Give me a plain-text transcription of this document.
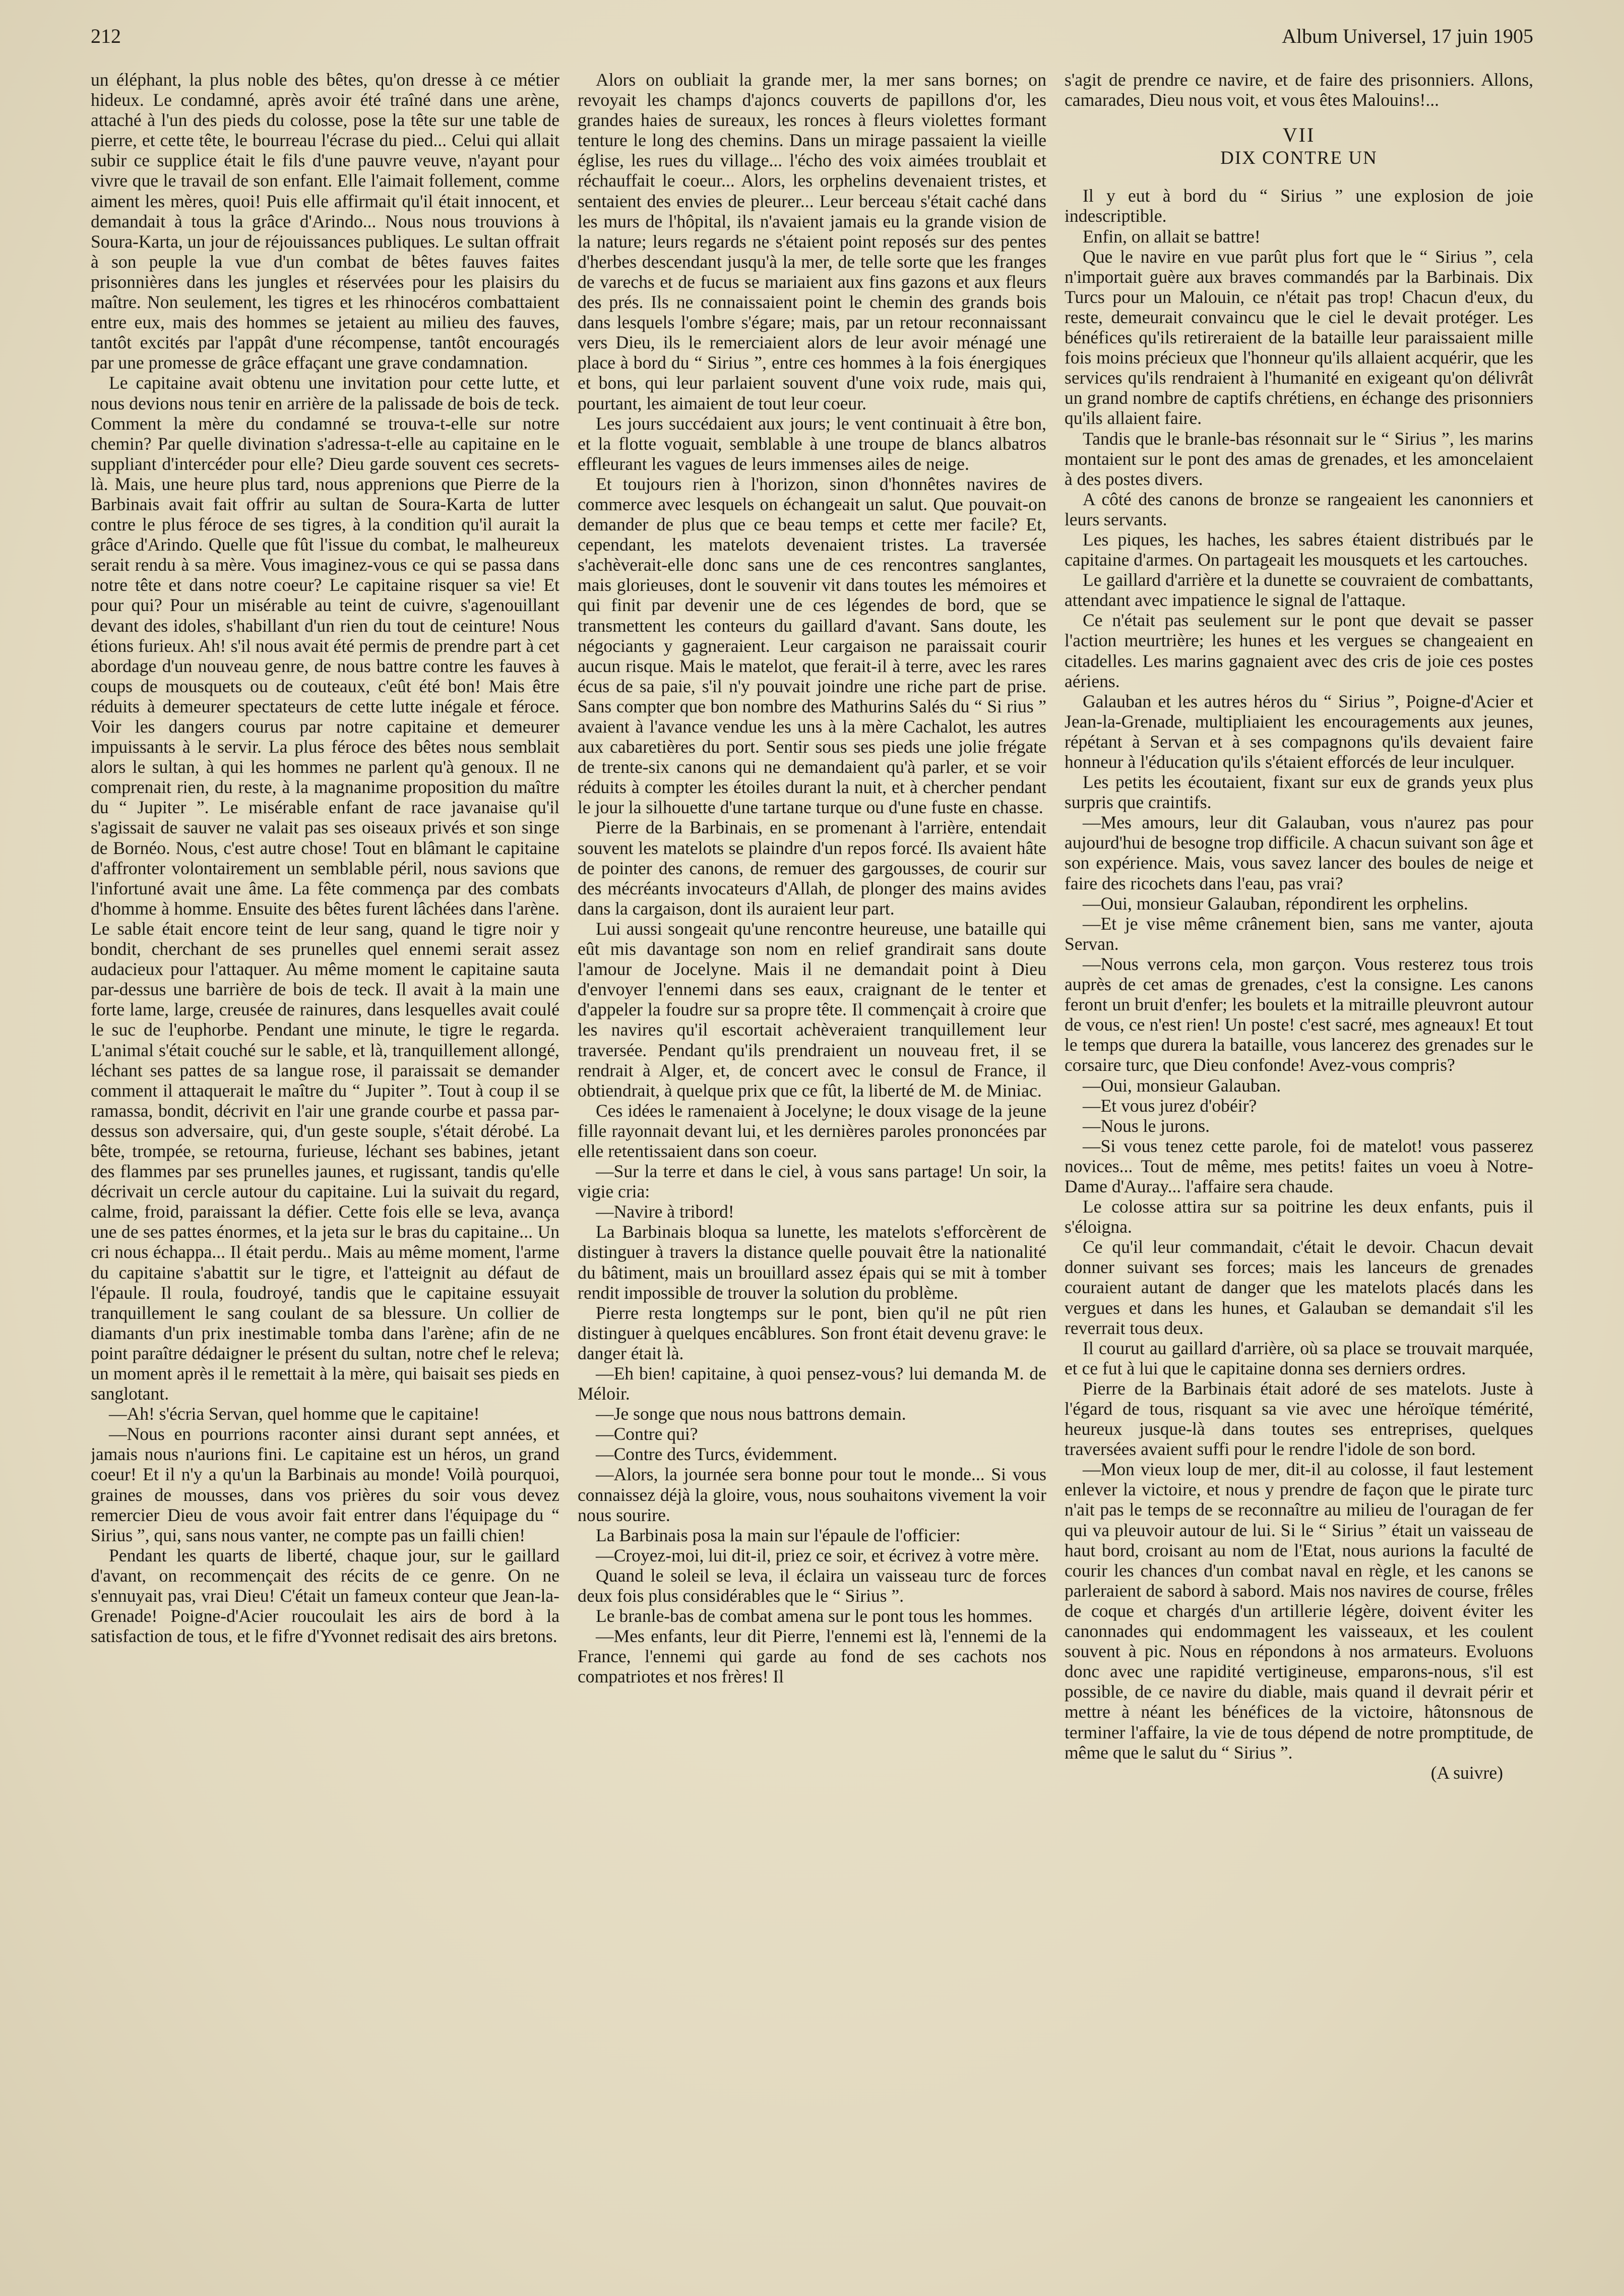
212	Album Universel, 17 juin 1905

un éléphant, la plus noble des bêtes, qu'on dresse à ce métier hideux. Le condamné, après avoir été traîné dans une arène, attaché à l'un des pieds du colosse, pose la tête sur une table de pierre, et cette tête, le bourreau l'écrase du pied... Celui qui allait subir ce supplice était le fils d'une pauvre veuve, n'ayant pour vivre que le travail de son enfant. Elle l'aimait follement, comme aiment les mères, quoi! Puis elle affirmait qu'il était innocent, et demandait à tous la grâce d'Arindo... Nous nous trouvions à Soura-Karta, un jour de réjouissances publiques. Le sultan offrait à son peuple la vue d'un combat de bêtes fauves faites prisonnières dans les jungles et réservées pour les plaisirs du maître. Non seulement, les tigres et les rhinocéros combattaient entre eux, mais des hommes se jetaient au milieu des fauves, tantôt excités par l'appât d'une récompense, tantôt encouragés par une promesse de grâce effaçant une grave condamnation.

Le capitaine avait obtenu une invitation pour cette lutte, et nous devions nous tenir en arrière de la palissade de bois de teck. Comment la mère du condamné se trouva-t-elle sur notre chemin? Par quelle divination s'adressa-t-elle au capitaine en le suppliant d'intercéder pour elle? Dieu garde souvent ces secrets-là. Mais, une heure plus tard, nous apprenions que Pierre de la Barbinais avait fait offrir au sultan de Soura-Karta de lutter contre le plus féroce de ses tigres, à la condition qu'il aurait la grâce d'Arindo. Quelle que fût l'issue du combat, le malheureux serait rendu à sa mère. Vous imaginez-vous ce qui se passa dans notre tête et dans notre coeur? Le capitaine risquer sa vie! Et pour qui? Pour un misérable au teint de cuivre, s'agenouillant devant des idoles, s'habillant d'un rien du tout de ceinture! Nous étions furieux. Ah! s'il nous avait été permis de prendre part à cet abordage d'un nouveau genre, de nous battre contre les fauves à coups de mousquets ou de couteaux, c'eût été bon! Mais être réduits à demeurer spectateurs de cette lutte inégale et féroce. Voir les dangers courus par notre capitaine et demeurer impuissants à le servir. La plus féroce des bêtes nous semblait alors le sultan, à qui les hommes ne parlent qu'à genoux. Il ne comprenait rien, du reste, à la magnanime proposition du maître du “ Jupiter ”. Le misérable enfant de race javanaise qu'il s'agissait de sauver ne valait pas ses oiseaux privés et son singe de Bornéo. Nous, c'est autre chose! Tout en blâmant le capitaine d'affronter volontairement un semblable péril, nous savions que l'infortuné avait une âme. La fête commença par des combats d'homme à homme. Ensuite des bêtes furent lâchées dans l'arène. Le sable était encore teint de leur sang, quand le tigre noir y bondit, cherchant de ses prunelles quel ennemi serait assez audacieux pour l'attaquer. Au même moment le capitaine sauta par-dessus une barrière de bois de teck. Il avait à la main une forte lame, large, creusée de rainures, dans lesquelles avait coulé le suc de l'euphorbe. Pendant une minute, le tigre le regarda. L'animal s'était couché sur le sable, et là, tranquillement allongé, léchant ses pattes de sa langue rose, il paraissait se demander comment il attaquerait le maître du “ Jupiter ”. Tout à coup il se ramassa, bondit, décrivit en l'air une grande courbe et passa par-dessus son adversaire, qui, d'un geste souple, s'était dérobé. La bête, trompée, se retourna, furieuse, léchant ses babines, jetant des flammes par ses prunelles jaunes, et rugissant, tandis qu'elle décrivait un cercle autour du capitaine. Lui la suivait du regard, calme, froid, paraissant la défier. Cette fois elle se leva, avança une de ses pattes énormes, et la jeta sur le bras du capitaine... Un cri nous échappa... Il était perdu.. Mais au même moment, l'arme du capitaine s'abattit sur le tigre, et l'atteignit au défaut de l'épaule. Il roula, foudroyé, tandis que le capitaine essuyait tranquillement le sang coulant de sa blessure. Un collier de diamants d'un prix inestimable tomba dans l'arène; afin de ne point paraître dédaigner le présent du sultan, notre chef le releva; un moment après il le remettait à la mère, qui baisait ses pieds en sanglotant.

—Ah! s'écria Servan, quel homme que le capitaine!

—Nous en pourrions raconter ainsi durant sept années, et jamais nous n'aurions fini. Le capitaine est un héros, un grand coeur! Et il n'y a qu'un la Barbinais au monde! Voilà pourquoi, graines de mousses, dans vos prières du soir vous devez remercier Dieu de vous avoir fait entrer dans l'équipage du “ Sirius ”, qui, sans nous vanter, ne compte pas un failli chien!

Pendant les quarts de liberté, chaque jour, sur le gaillard d'avant, on recommençait des récits de ce genre. On ne s'ennuyait pas, vrai Dieu! C'était un fameux conteur que Jean-la-Grenade! Poigne-d'Acier roucoulait les airs de bord à la satisfaction de tous, et le fifre d'Yvonnet redisait des airs bretons.

Alors on oubliait la grande mer, la mer sans bornes; on revoyait les champs d'ajoncs couverts de papillons d'or, les grandes haies de sureaux, les ronces à fleurs violettes formant tenture le long des chemins. Dans un mirage passaient la vieille église, les rues du village... l'écho des voix aimées troublait et réchauffait le coeur... Alors, les orphelins devenaient tristes, et sentaient des envies de pleurer... Leur berceau s'était caché dans les murs de l'hôpital, ils n'avaient jamais eu la grande vision de la nature; leurs regards ne s'étaient point reposés sur des pentes d'herbes descendant jusqu'à la mer, de telle sorte que les franges de varechs et de fucus se mariaient aux fins gazons et aux fleurs des prés. Ils ne connaissaient point le chemin des grands bois dans lesquels l'ombre s'égare; mais, par un retour reconnaissant vers Dieu, ils le remerciaient alors de leur avoir ménagé une place à bord du “ Sirius ”, entre ces hommes à la fois énergiques et bons, qui leur parlaient souvent d'une voix rude, mais qui, pourtant, les aimaient de tout leur coeur.

Les jours succédaient aux jours; le vent continuait à être bon, et la flotte voguait, semblable à une troupe de blancs albatros effleurant les vagues de leurs immenses ailes de neige.

Et toujours rien à l'horizon, sinon d'honnêtes navires de commerce avec lesquels on échangeait un salut. Que pouvait-on demander de plus que ce beau temps et cette mer facile? Et, cependant, les matelots devenaient tristes. La traversée s'achèverait-elle donc sans une de ces rencontres sanglantes, mais glorieuses, dont le souvenir vit dans toutes les mémoires et qui finit par devenir une de ces légendes de bord, que se transmettent les conteurs du gaillard d'avant. Sans doute, les négociants y gagneraient. Leur cargaison ne paraissait courir aucun risque. Mais le matelot, que ferait-il à terre, avec les rares écus de sa paie, s'il n'y pouvait joindre une riche part de prise. Sans compter que bon nombre des Mathurins Salés du “ Si rius ” avaient à l'avance vendue les uns à la mère Cachalot, les autres aux cabaretières du port. Sentir sous ses pieds une jolie frégate de trente-six canons qui ne demandaient qu'à parler, et se voir réduits à compter les étoiles durant la nuit, et à chercher pendant le jour la silhouette d'une tartane turque ou d'une fuste en chasse.

Pierre de la Barbinais, en se promenant à l'arrière, entendait souvent les matelots se plaindre d'un repos forcé. Ils avaient hâte de pointer des canons, de remuer des gargousses, de courir sur des mécréants invocateurs d'Allah, de plonger des mains avides dans la cargaison, dont ils auraient leur part.

Lui aussi songeait qu'une rencontre heureuse, une bataille qui eût mis davantage son nom en relief grandirait sans doute l'amour de Jocelyne. Mais il ne demandait point à Dieu d'envoyer l'ennemi dans ses eaux, craignant de le tenter et d'appeler la foudre sur sa propre tête. Il commençait à croire que les navires qu'il escortait achèveraient tranquillement leur traversée. Pendant qu'ils prendraient un nouveau fret, il se rendrait à Alger, et, de concert avec le consul de France, il obtiendrait, à quelque prix que ce fût, la liberté de M. de Miniac.

Ces idées le ramenaient à Jocelyne; le doux visage de la jeune fille rayonnait devant lui, et les dernières paroles prononcées par elle retentissaient dans son coeur.

—Sur la terre et dans le ciel, à vous sans partage! Un soir, la vigie cria:

—Navire à tribord!

La Barbinais bloqua sa lunette, les matelots s'efforcèrent de distinguer à travers la distance quelle pouvait être la nationalité du bâtiment, mais un brouillard assez épais qui se mit à tomber rendit impossible de trouver la solution du problème.

Pierre resta longtemps sur le pont, bien qu'il ne pût rien distinguer à quelques encâblures. Son front était devenu grave: le danger était là.

—Eh bien! capitaine, à quoi pensez-vous? lui demanda M. de Méloir.

—Je songe que nous nous battrons demain.

—Contre qui?

—Contre des Turcs, évidemment.

—Alors, la journée sera bonne pour tout le monde... Si vous connaissez déjà la gloire, vous, nous souhaitons vivement la voir nous sourire.

La Barbinais posa la main sur l'épaule de l'officier:

—Croyez-moi, lui dit-il, priez ce soir, et écrivez à votre mère.

Quand le soleil se leva, il éclaira un vaisseau turc de forces deux fois plus considérables que le “ Sirius ”.

Le branle-bas de combat amena sur le pont tous les hommes.

—Mes enfants, leur dit Pierre, l'ennemi est là, l'ennemi de la France, l'ennemi qui garde au fond de ses cachots nos compatriotes et nos frères! Il

s'agit de prendre ce navire, et de faire des prisonniers. Allons, camarades, Dieu nous voit, et vous êtes Malouins!...

VII
DIX CONTRE UN

Il y eut à bord du “ Sirius ” une explosion de joie indescriptible.

Enfin, on allait se battre!

Que le navire en vue parût plus fort que le “ Sirius ”, cela n'importait guère aux braves commandés par la Barbinais. Dix Turcs pour un Malouin, ce n'était pas trop! Chacun d'eux, du reste, demeurait convaincu que le ciel le devait protéger. Les bénéfices qu'ils retireraient de la bataille leur paraissaient mille fois moins précieux que l'honneur qu'ils allaient acquérir, que les services qu'ils rendraient à l'humanité en exigeant qu'on délivrât un grand nombre de captifs chrétiens, en échange des prisonniers qu'ils allaient faire.

Tandis que le branle-bas résonnait sur le “ Sirius ”, les marins montaient sur le pont des amas de grenades, et les amoncelaient à des postes divers.

A côté des canons de bronze se rangeaient les canonniers et leurs servants.

Les piques, les haches, les sabres étaient distribués par le capitaine d'armes. On partageait les mousquets et les cartouches.

Le gaillard d'arrière et la dunette se couvraient de combattants, attendant avec impatience le signal de l'attaque.

Ce n'était pas seulement sur le pont que devait se passer l'action meurtrière; les hunes et les vergues se changeaient en citadelles. Les marins gagnaient avec des cris de joie ces postes aériens.

Galauban et les autres héros du “ Sirius ”, Poigne-d'Acier et Jean-la-Grenade, multipliaient les encouragements aux jeunes, répétant à Servan et à ses compagnons qu'ils devaient faire honneur à l'éducation qu'ils s'étaient efforcés de leur inculquer.

Les petits les écoutaient, fixant sur eux de grands yeux plus surpris que craintifs.

—Mes amours, leur dit Galauban, vous n'aurez pas pour aujourd'hui de besogne trop difficile. A chacun suivant son âge et son expérience. Mais, vous savez lancer des boules de neige et faire des ricochets dans l'eau, pas vrai?

—Oui, monsieur Galauban, répondirent les orphelins.

—Et je vise même crânement bien, sans me vanter, ajouta Servan.

—Nous verrons cela, mon garçon. Vous resterez tous trois auprès de cet amas de grenades, c'est la consigne. Les canons feront un bruit d'enfer; les boulets et la mitraille pleuvront autour de vous, ce n'est rien! Un poste! c'est sacré, mes agneaux! Et tout le temps que durera la bataille, vous lancerez des grenades sur le corsaire turc, que Dieu confonde! Avez-vous compris?

—Oui, monsieur Galauban.

—Et vous jurez d'obéir?

—Nous le jurons.

—Si vous tenez cette parole, foi de matelot! vous passerez novices... Tout de même, mes petits! faites un voeu à Notre-Dame d'Auray... l'affaire sera chaude.

Le colosse attira sur sa poitrine les deux enfants, puis il s'éloigna.

Ce qu'il leur commandait, c'était le devoir. Chacun devait donner suivant ses forces; mais les lanceurs de grenades couraient autant de danger que les matelots placés dans les vergues et dans les hunes, et Galauban se demandait s'il les reverrait tous deux.

Il courut au gaillard d'arrière, où sa place se trouvait marquée, et ce fut à lui que le capitaine donna ses derniers ordres.

Pierre de la Barbinais était adoré de ses matelots. Juste à l'égard de tous, risquant sa vie avec une héroïque témérité, heureux jusque-là dans toutes ses entreprises, quelques traversées avaient suffi pour le rendre l'idole de son bord.

—Mon vieux loup de mer, dit-il au colosse, il faut lestement enlever la victoire, et nous y prendre de façon que le pirate turc n'ait pas le temps de se reconnaître au milieu de l'ouragan de fer qui va pleuvoir autour de lui. Si le “ Sirius ” était un vaisseau de haut bord, croisant au nom de l'Etat, nous aurions la faculté de courir les chances d'un combat naval en règle, et les canons se parleraient de sabord à sabord. Mais nos navires de course, frêles de coque et chargés d'un artillerie légère, doivent éviter les canonnades qui endommagent les vaisseaux, et les coulent souvent à pic. Nous en répondons à nos armateurs. Evoluons donc avec une rapidité vertigineuse, emparons-nous, s'il est possible, de ce navire du diable, mais quand il devrait périr et mettre à néant les bénéfices de la victoire, hâtonsnous de terminer l'affaire, la vie de tous dépend de notre promptitude, de même que le salut du “ Sirius ”.

(A suivre)
